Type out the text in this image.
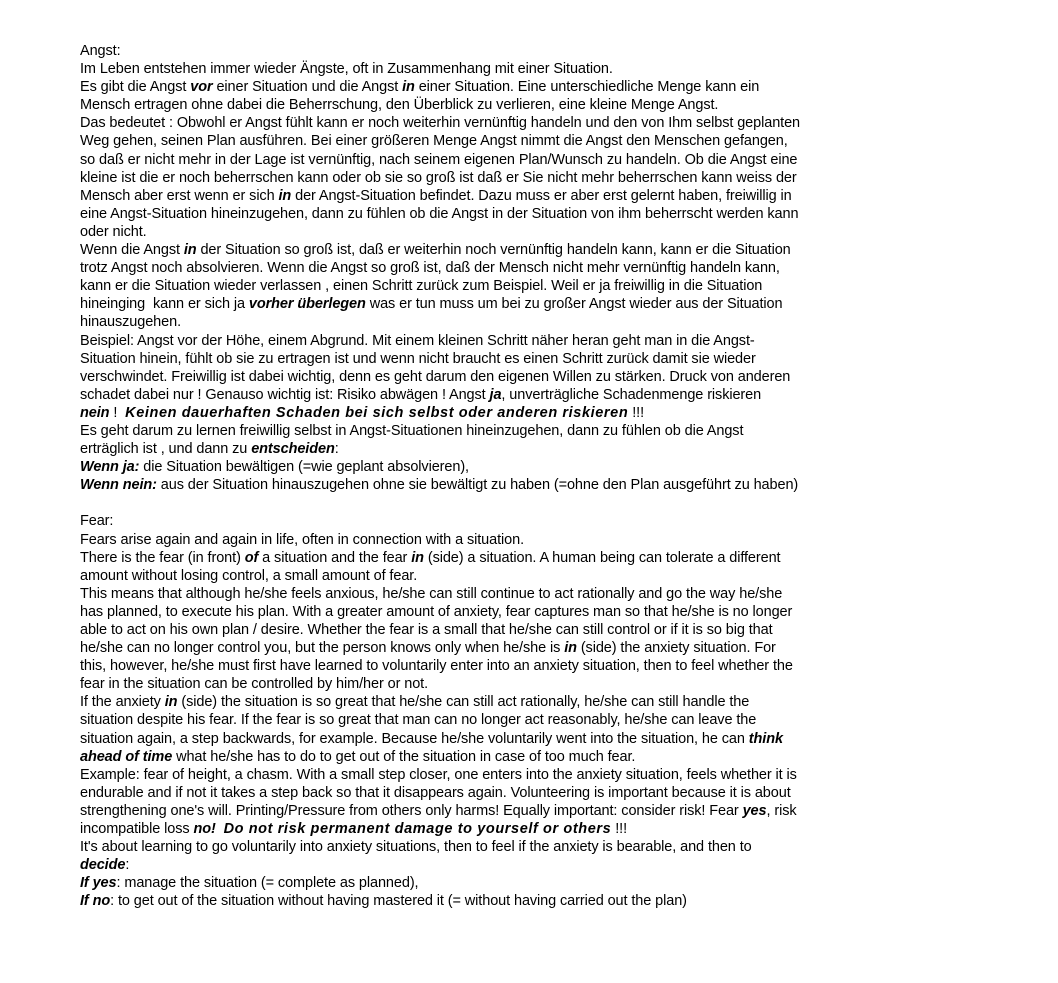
Angst:
Im Leben entstehen immer wieder Ängste, oft in Zusammenhang mit einer Situation.
Es gibt die Angst vor einer Situation und die Angst in einer Situation. Eine unterschiedliche Menge kann ein
Mensch ertragen ohne dabei die Beherrschung, den Überblick zu verlieren, eine kleine Menge Angst.
Das bedeutet : Obwohl er Angst fühlt kann er noch weiterhin vernünftig handeln und den von Ihm selbst geplanten
Weg gehen, seinen Plan ausführen. Bei einer größeren Menge Angst nimmt die Angst den Menschen gefangen,
so daß er nicht mehr in der Lage ist vernünftig, nach seinem eigenen Plan/Wunsch zu handeln. Ob die Angst eine
kleine ist die er noch beherrschen kann oder ob sie so groß ist daß er Sie nicht mehr beherrschen kann weiss der
Mensch aber erst wenn er sich in der Angst-Situation befindet. Dazu muss er aber erst gelernt haben, freiwillig in
eine Angst-Situation hineinzugehen, dann zu fühlen ob die Angst in der Situation von ihm beherrscht werden kann
oder nicht.
Wenn die Angst in der Situation so groß ist, daß er weiterhin noch vernünftig handeln kann, kann er die Situation
trotz Angst noch absolvieren. Wenn die Angst so groß ist, daß der Mensch nicht mehr vernünftig handeln kann,
kann er die Situation wieder verlassen , einen Schritt zurück zum Beispiel. Weil er ja freiwillig in die Situation
hineinging  kann er sich ja vorher überlegen was er tun muss um bei zu großer Angst wieder aus der Situation
hinauszugehen.
Beispiel: Angst vor der Höhe, einem Abgrund. Mit einem kleinen Schritt näher heran geht man in die Angst-
Situation hinein, fühlt ob sie zu ertragen ist und wenn nicht braucht es einen Schritt zurück damit sie wieder
verschwindet. Freiwillig ist dabei wichtig, denn es geht darum den eigenen Willen zu stärken. Druck von anderen
schadet dabei nur ! Genauso wichtig ist: Risiko abwägen ! Angst ja, unverträgliche Schadenmenge riskieren
nein !  Keinen dauerhaften Schaden bei sich selbst oder anderen riskieren !!!
Es geht darum zu lernen freiwillig selbst in Angst-Situationen hineinzugehen, dann zu fühlen ob die Angst
erträglich ist , und dann zu entscheiden:
Wenn ja: die Situation bewältigen (=wie geplant absolvieren),
Wenn nein: aus der Situation hinauszugehen ohne sie bewältigt zu haben (=ohne den Plan ausgeführt zu haben)
Fear:
Fears arise again and again in life, often in connection with a situation.
There is the fear (in front) of a situation and the fear in (side) a situation. A human being can tolerate a different
amount without losing control, a small amount of fear.
This means that although he/she feels anxious, he/she can still continue to act rationally and go the way he/she
has planned, to execute his plan. With a greater amount of anxiety, fear captures man so that he/she is no longer
able to act on his own plan / desire. Whether the fear is a small that he/she can still control or if it is so big that
he/she can no longer control you, but the person knows only when he/she is in (side) the anxiety situation. For
this, however, he/she must first have learned to voluntarily enter into an anxiety situation, then to feel whether the
fear in the situation can be controlled by him/her or not.
If the anxiety in (side) the situation is so great that he/she can still act rationally, he/she can still handle the
situation despite his fear. If the fear is so great that man can no longer act reasonably, he/she can leave the
situation again, a step backwards, for example. Because he/she voluntarily went into the situation, he can think
ahead of time what he/she has to do to get out of the situation in case of too much fear.
Example: fear of height, a chasm. With a small step closer, one enters into the anxiety situation, feels whether it is
endurable and if not it takes a step back so that it disappears again. Volunteering is important because it is about
strengthening one's will. Printing/Pressure from others only harms! Equally important: consider risk! Fear yes, risk
incompatible loss no! Do not risk permanent damage to yourself or others !!!
It's about learning to go voluntarily into anxiety situations, then to feel if the anxiety is bearable, and then to
decide:
If yes: manage the situation (= complete as planned),
If no: to get out of the situation without having mastered it (= without having carried out the plan)
